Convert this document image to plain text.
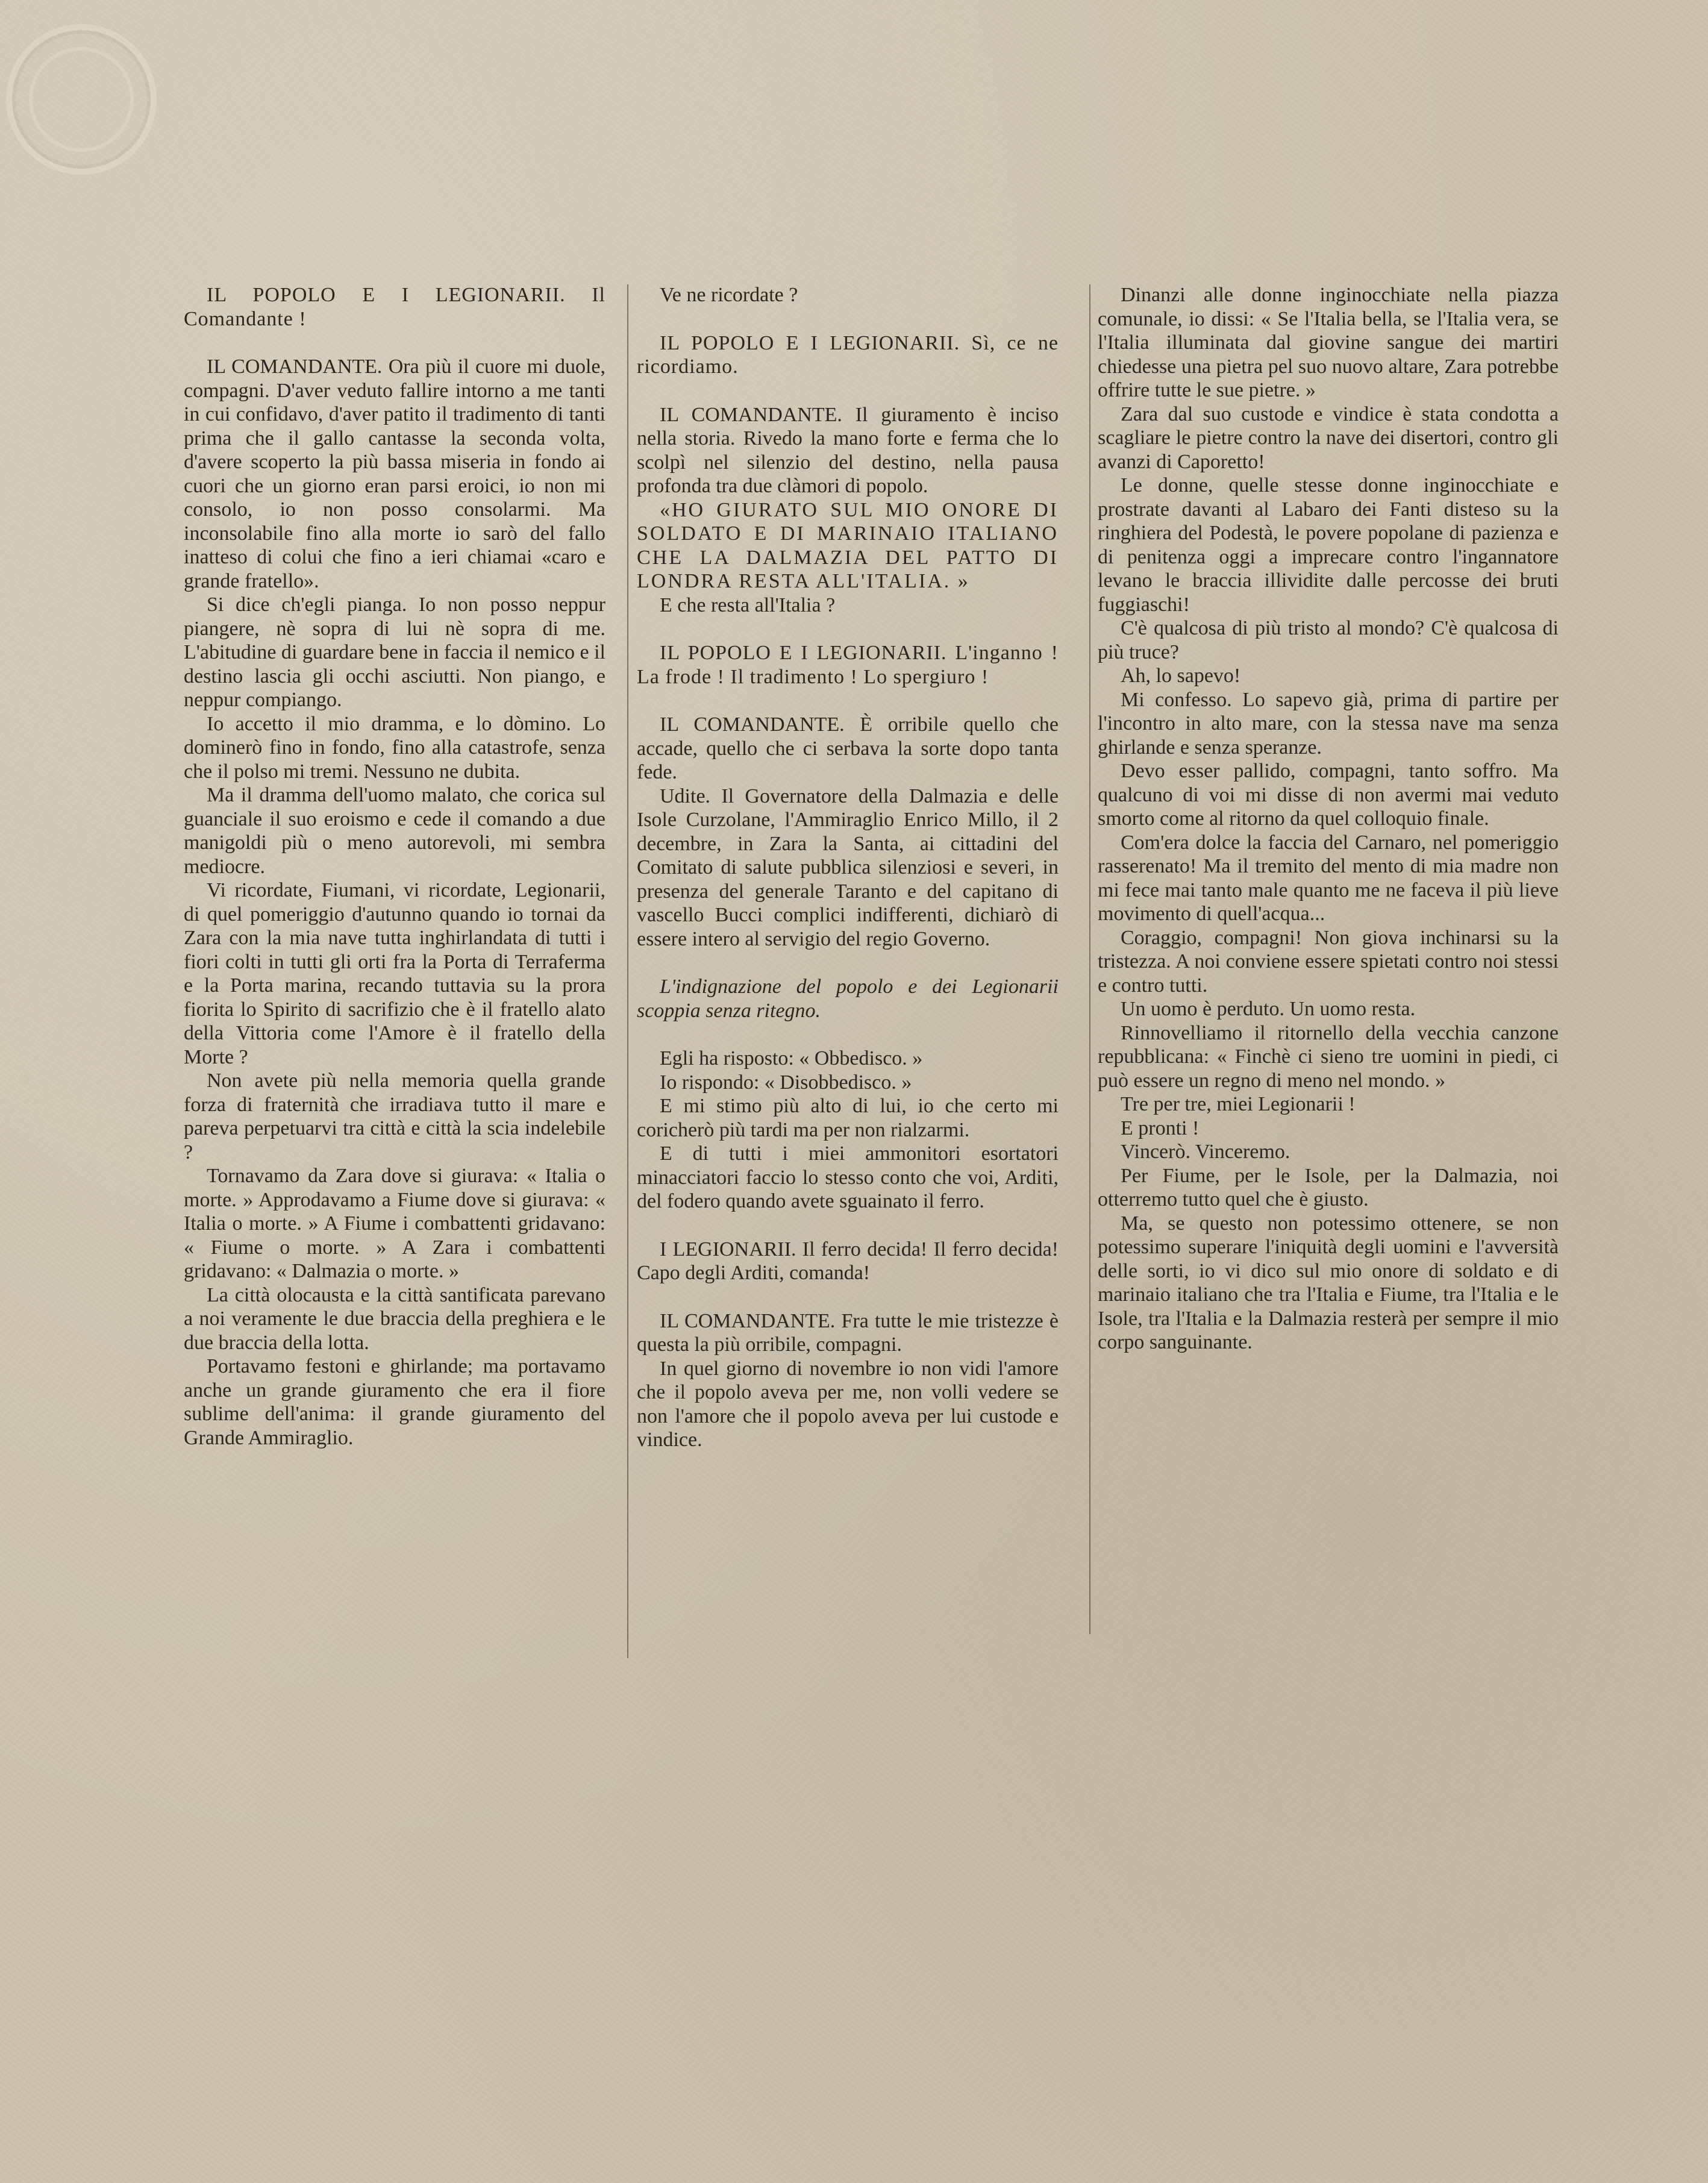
IL POPOLO E I LEGIONARII. Il Comandante !

IL COMANDANTE. Ora più il cuore mi duole, compagni. D'aver veduto fallire intorno a me tanti in cui confidavo, d'aver patito il tradimento di tanti prima che il gallo cantasse la seconda volta, d'avere scoperto la più bassa miseria in fondo ai cuori che un giorno eran parsi eroici, io non mi consolo, io non posso consolarmi. Ma inconsolabile fino alla morte io sarò del fallo inatteso di colui che fino a ieri chiamai «caro e grande fratello».

Si dice ch'egli pianga. Io non posso neppur piangere, nè sopra di lui nè sopra di me. L'abitudine di guardare bene in faccia il nemico e il destino lascia gli occhi asciutti. Non piango, e neppur compiango.

Io accetto il mio dramma, e lo dòmino. Lo dominerò fino in fondo, fino alla catastrofe, senza che il polso mi tremi. Nessuno ne dubita.

Ma il dramma dell'uomo malato, che corica sul guanciale il suo eroismo e cede il comando a due manigoldi più o meno autorevoli, mi sembra mediocre.

Vi ricordate, Fiumani, vi ricordate, Legionarii, di quel pomeriggio d'autunno quando io tornai da Zara con la mia nave tutta inghirlandata di tutti i fiori colti in tutti gli orti fra la Porta di Terraferma e la Porta marina, recando tuttavia su la prora fiorita lo Spirito di sacrifizio che è il fratello alato della Vittoria come l'Amore è il fratello della Morte ?

Non avete più nella memoria quella grande forza di fraternità che irradiava tutto il mare e pareva perpetuarvi tra città e città la scia indelebile ?

Tornavamo da Zara dove si giurava: « Italia o morte. » Approdavamo a Fiume dove si giurava: « Italia o morte. » A Fiume i combattenti gridavano: « Fiume o morte. » A Zara i combattenti gridavano: « Dalmazia o morte. »

La città olocausta e la città santificata parevano a noi veramente le due braccia della preghiera e le due braccia della lotta.

Portavamo festoni e ghirlande; ma portavamo anche un grande giuramento che era il fiore sublime dell'anima: il grande giuramento del Grande Ammiraglio.

Ve ne ricordate ?

IL POPOLO E I LEGIONARII. Sì, ce ne ricordiamo.

IL COMANDANTE. Il giuramento è inciso nella storia. Rivedo la mano forte e ferma che lo scolpì nel silenzio del destino, nella pausa profonda tra due clàmori di popolo.

«HO GIURATO SUL MIO ONORE DI SOLDATO E DI MARINAIO ITALIANO CHE LA DALMAZIA DEL PATTO DI LONDRA RESTA ALL'ITALIA. »

E che resta all'Italia ?

IL POPOLO E I LEGIONARII. L'inganno ! La frode ! Il tradimento ! Lo spergiuro !

IL COMANDANTE. È orribile quello che accade, quello che ci serbava la sorte dopo tanta fede.

Udite. Il Governatore della Dalmazia e delle Isole Curzolane, l'Ammiraglio Enrico Millo, il 2 decembre, in Zara la Santa, ai cittadini del Comitato di salute pubblica silenziosi e severi, in presenza del generale Taranto e del capitano di vascello Bucci complici indifferenti, dichiarò di essere intero al servigio del regio Governo.

L'indignazione del popolo e dei Legionarii scoppia senza ritegno.

Egli ha risposto: « Obbedisco. »

Io rispondo: « Disobbedisco. »

E mi stimo più alto di lui, io che certo mi coricherò più tardi ma per non rialzarmi.

E di tutti i miei ammonitori esortatori minacciatori faccio lo stesso conto che voi, Arditi, del fodero quando avete sguainato il ferro.

I LEGIONARII. Il ferro decida! Il ferro decida! Capo degli Arditi, comanda!

IL COMANDANTE. Fra tutte le mie tristezze è questa la più orribile, compagni.

In quel giorno di novembre io non vidi l'amore che il popolo aveva per me, non volli vedere se non l'amore che il popolo aveva per lui custode e vindice.

Dinanzi alle donne inginocchiate nella piazza comunale, io dissi: « Se l'Italia bella, se l'Italia vera, se l'Italia illuminata dal giovine sangue dei martiri chiedesse una pietra pel suo nuovo altare, Zara potrebbe offrire tutte le sue pietre. »

Zara dal suo custode e vindice è stata condotta a scagliare le pietre contro la nave dei disertori, contro gli avanzi di Caporetto!

Le donne, quelle stesse donne inginocchiate e prostrate davanti al Labaro dei Fanti disteso su la ringhiera del Podestà, le povere popolane di pazienza e di penitenza oggi a imprecare contro l'ingannatore levano le braccia illividite dalle percosse dei bruti fuggiaschi!

C'è qualcosa di più tristo al mondo? C'è qualcosa di più truce?

Ah, lo sapevo!

Mi confesso. Lo sapevo già, prima di partire per l'incontro in alto mare, con la stessa nave ma senza ghirlande e senza speranze.

Devo esser pallido, compagni, tanto soffro. Ma qualcuno di voi mi disse di non avermi mai veduto smorto come al ritorno da quel colloquio finale.

Com'era dolce la faccia del Carnaro, nel pomeriggio rasserenato! Ma il tremito del mento di mia madre non mi fece mai tanto male quanto me ne faceva il più lieve movimento di quell'acqua...

Coraggio, compagni! Non giova inchinarsi su la tristezza. A noi conviene essere spietati contro noi stessi e contro tutti.

Un uomo è perduto. Un uomo resta.

Rinnovelliamo il ritornello della vecchia canzone repubblicana: « Finchè ci sieno tre uomini in piedi, ci può essere un regno di meno nel mondo. »

Tre per tre, miei Legionarii !

E pronti !

Vincerò. Vinceremo.

Per Fiume, per le Isole, per la Dalmazia, noi otterremo tutto quel che è giusto.

Ma, se questo non potessimo ottenere, se non potessimo superare l'iniquità degli uomini e l'avversità delle sorti, io vi dico sul mio onore di soldato e di marinaio italiano che tra l'Italia e Fiume, tra l'Italia e le Isole, tra l'Italia e la Dalmazia resterà per sempre il mio corpo sanguinante.
